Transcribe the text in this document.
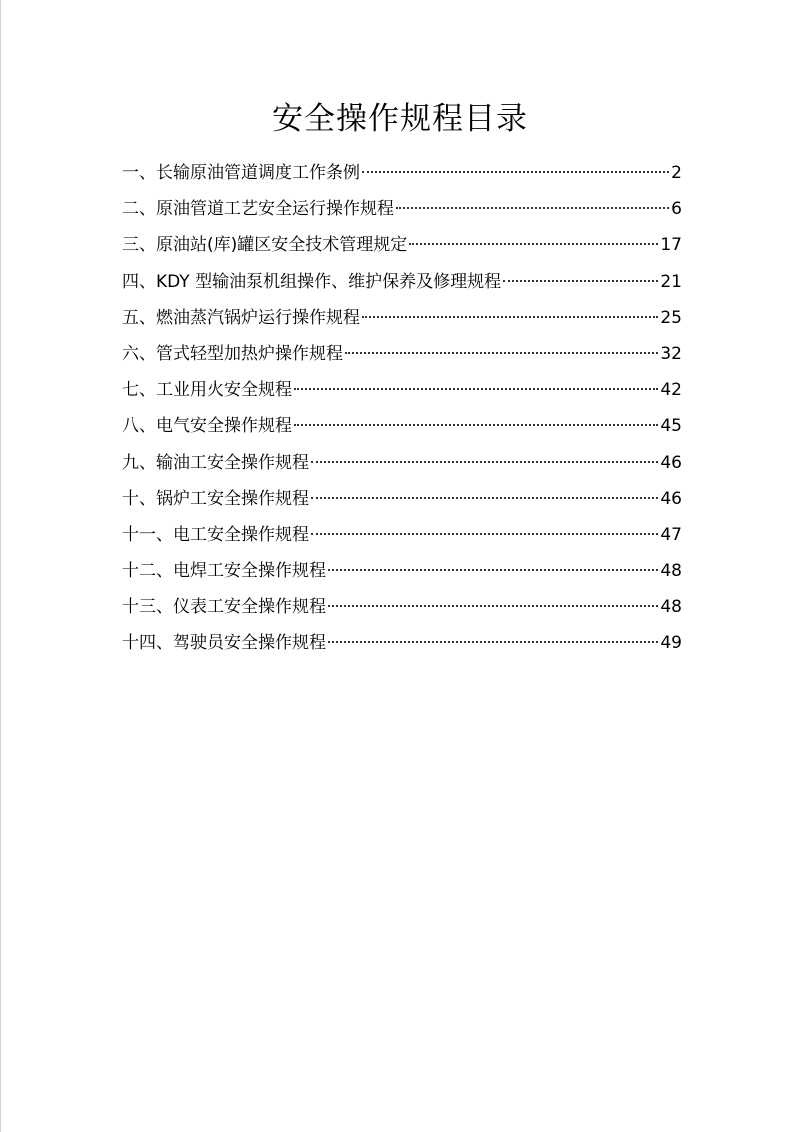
安全操作规程目录
一、长输原油管道调度工作条例	2
二、原油管道工艺安全运行操作规程	6
三、原油站(库)罐区安全技术管理规定	17
四、KDY 型输油泵机组操作、维护保养及修理规程	21
五、燃油蒸汽锅炉运行操作规程	25
六、管式轻型加热炉操作规程	32
七、工业用火安全规程	42
八、电气安全操作规程	45
九、输油工安全操作规程	46
十、锅炉工安全操作规程	46
十一、电工安全操作规程	47
十二、电焊工安全操作规程	48
十三、仪表工安全操作规程	48
十四、驾驶员安全操作规程	49
